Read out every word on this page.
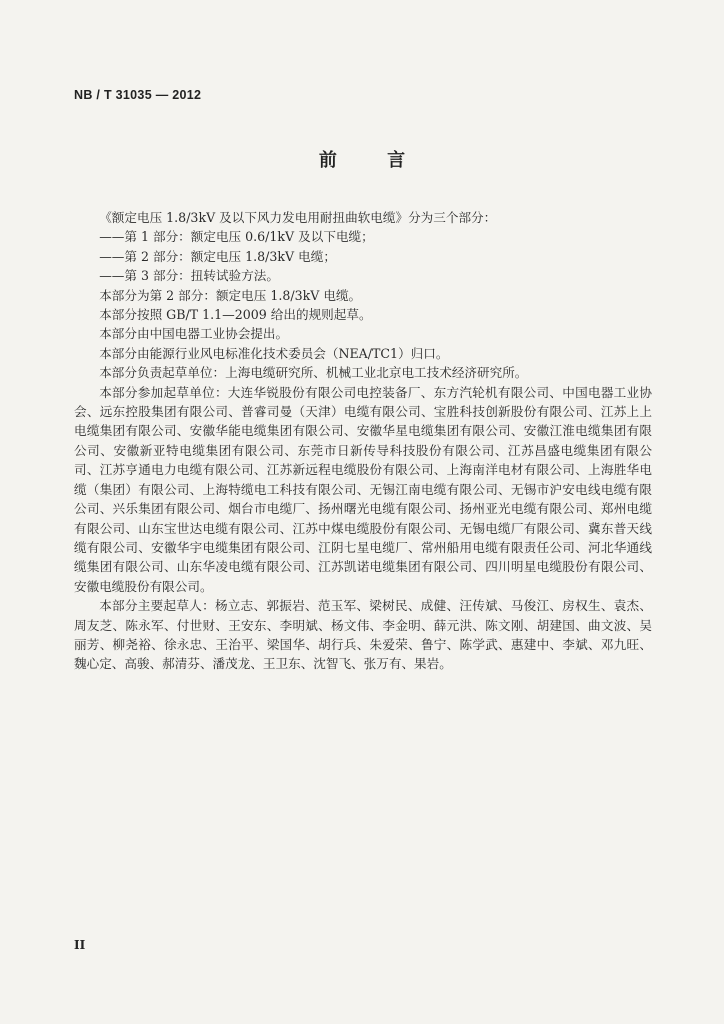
NB / T 31035 — 2012
前 言

《额定电压 1.8/3kV 及以下风力发电用耐扭曲软电缆》分为三个部分：

——第 1 部分：额定电压 0.6/1kV 及以下电缆；

——第 2 部分：额定电压 1.8/3kV 电缆；

——第 3 部分：扭转试验方法。

本部分为第 2 部分：额定电压 1.8/3kV 电缆。

本部分按照 GB/T 1.1—2009 给出的规则起草。

本部分由中国电器工业协会提出。

本部分由能源行业风电标准化技术委员会（NEA/TC1）归口。

本部分负责起草单位：上海电缆研究所、机械工业北京电工技术经济研究所。

本部分参加起草单位：大连华锐股份有限公司电控装备厂、东方汽轮机有限公司、中国电器工业协会、远东控股集团有限公司、普睿司曼（天津）电缆有限公司、宝胜科技创新股份有限公司、江苏上上电缆集团有限公司、安徽华能电缆集团有限公司、安徽华星电缆集团有限公司、安徽江淮电缆集团有限公司、安徽新亚特电缆集团有限公司、东莞市日新传导科技股份有限公司、江苏昌盛电缆集团有限公司、江苏亨通电力电缆有限公司、江苏新远程电缆股份有限公司、上海南洋电材有限公司、上海胜华电缆（集团）有限公司、上海特缆电工科技有限公司、无锡江南电缆有限公司、无锡市沪安电线电缆有限公司、兴乐集团有限公司、烟台市电缆厂、扬州曙光电缆有限公司、扬州亚光电缆有限公司、郑州电缆有限公司、山东宝世达电缆有限公司、江苏中煤电缆股份有限公司、无锡电缆厂有限公司、冀东普天线缆有限公司、安徽华宇电缆集团有限公司、江阴七星电缆厂、常州船用电缆有限责任公司、河北华通线缆集团有限公司、山东华凌电缆有限公司、江苏凯诺电缆集团有限公司、四川明星电缆股份有限公司、安徽电缆股份有限公司。

本部分主要起草人：杨立志、郭振岩、范玉军、梁树民、成健、汪传斌、马俊江、房权生、袁杰、周友芝、陈永军、付世财、王安东、李明斌、杨文伟、李金明、薛元洪、陈文刚、胡建国、曲文波、吴丽芳、柳尧裕、徐永忠、王治平、梁国华、胡行兵、朱爱荣、鲁宁、陈学武、惠建中、李斌、邓九旺、魏心定、高骏、郝清芬、潘茂龙、王卫东、沈智飞、张万有、果岩。

II
